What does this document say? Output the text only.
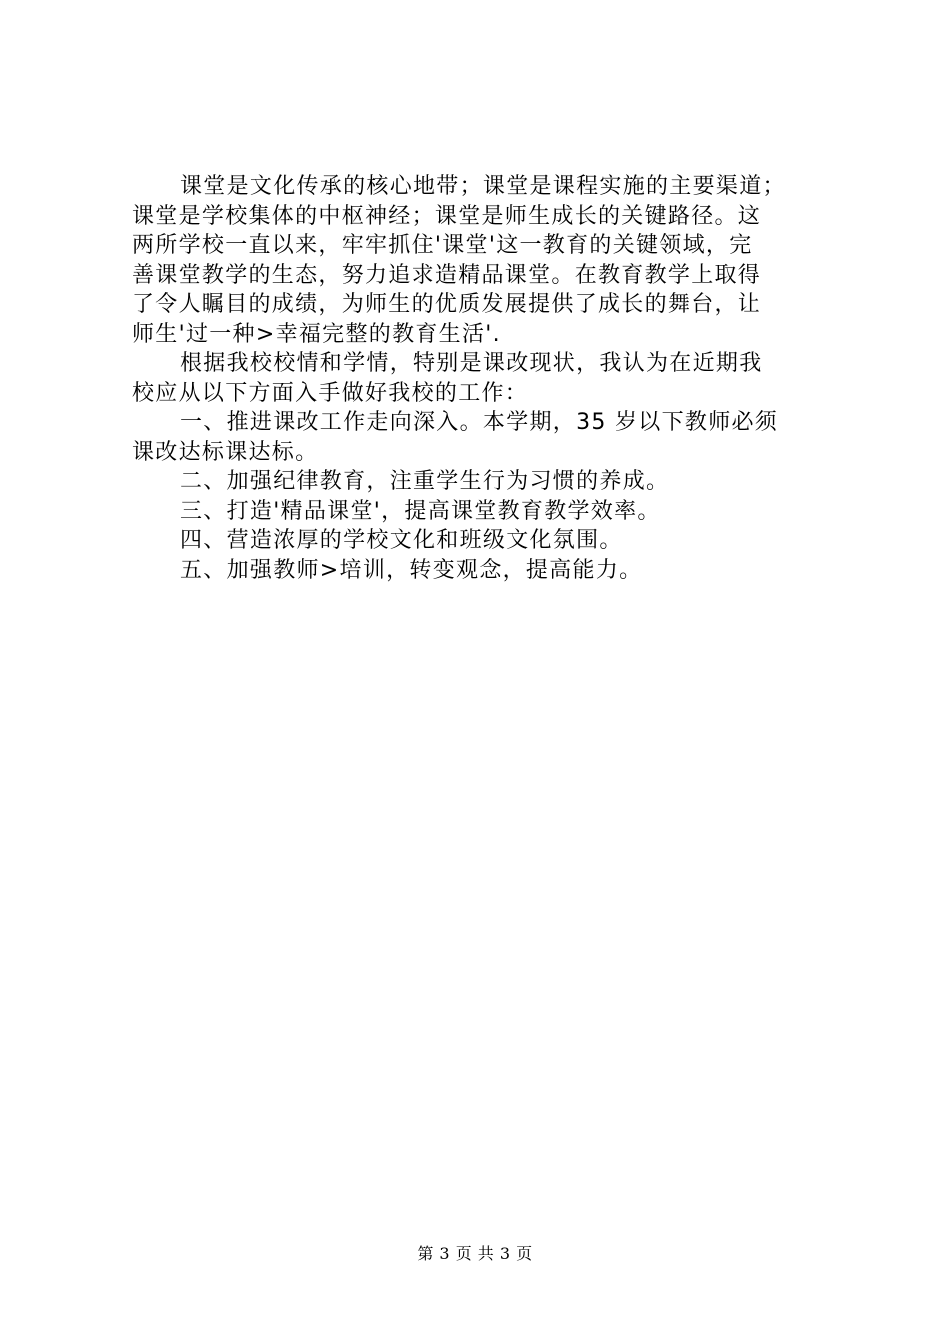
课堂是文化传承的核心地带；课堂是课程实施的主要渠道；

课堂是学校集体的中枢神经；课堂是师生成长的关键路径。这

两所学校一直以来，牢牢抓住'课堂'这一教育的关键领域，完

善课堂教学的生态，努力追求造精品课堂。在教育教学上取得

了令人瞩目的成绩，为师生的优质发展提供了成长的舞台，让

师生'过一种>幸福完整的教育生活'.

根据我校校情和学情，特别是课改现状，我认为在近期我

校应从以下方面入手做好我校的工作：

一、推进课改工作走向深入。本学期，35 岁以下教师必须

课改达标课达标。

二、加强纪律教育，注重学生行为习惯的养成。

三、打造'精品课堂'，提高课堂教育教学效率。

四、营造浓厚的学校文化和班级文化氛围。

五、加强教师>培训，转变观念，提高能力。

第 3 页 共 3 页
